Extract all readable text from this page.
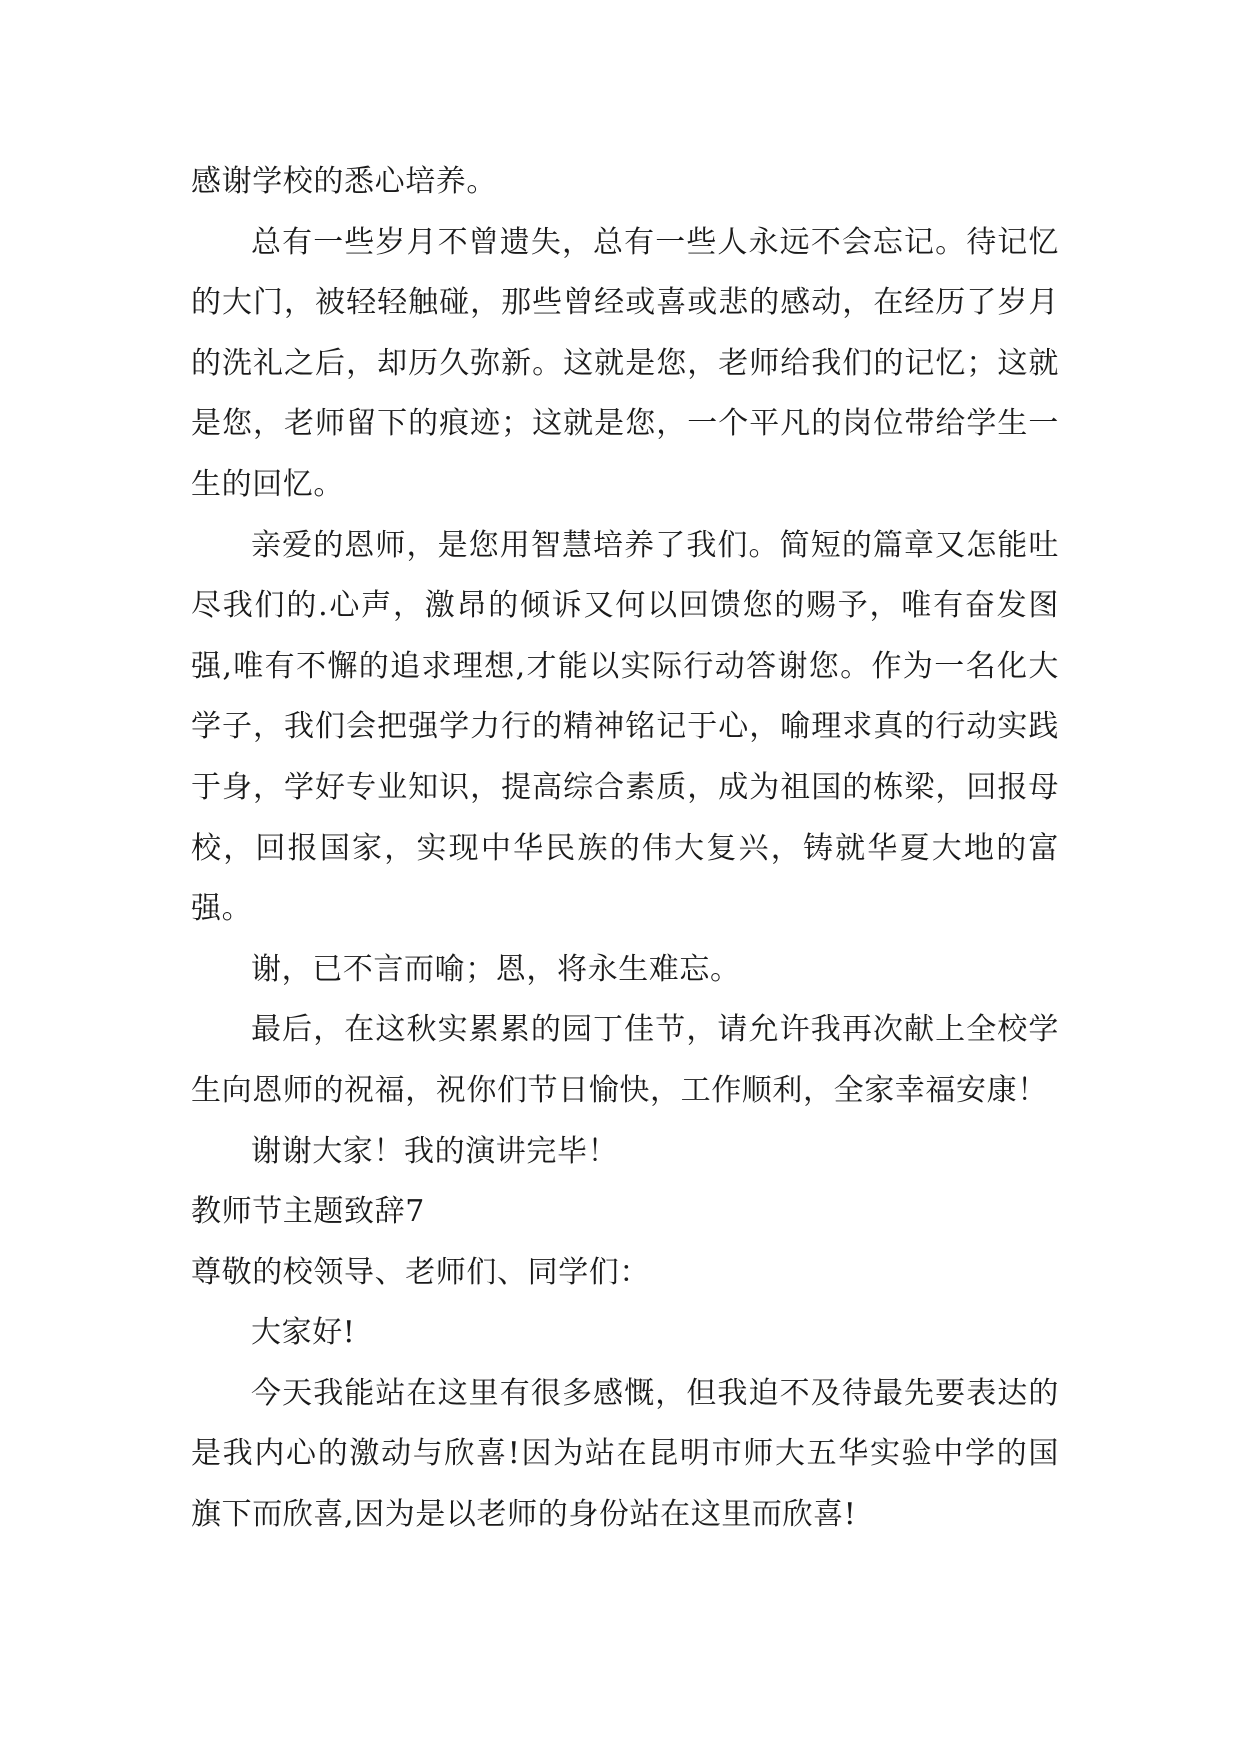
感谢学校的悉心培养。

总有一些岁月不曾遗失，总有一些人永远不会忘记。待记忆的大门，被轻轻触碰，那些曾经或喜或悲的感动，在经历了岁月的洗礼之后，却历久弥新。这就是您，老师给我们的记忆；这就是您，老师留下的痕迹；这就是您，一个平凡的岗位带给学生一生的回忆。

亲爱的恩师，是您用智慧培养了我们。简短的篇章又怎能吐尽我们的.心声，激昂的倾诉又何以回馈您的赐予，唯有奋发图强,唯有不懈的追求理想,才能以实际行动答谢您。作为一名化大学子，我们会把强学力行的精神铭记于心，喻理求真的行动实践于身，学好专业知识，提高综合素质，成为祖国的栋梁，回报母校，回报国家，实现中华民族的伟大复兴，铸就华夏大地的富强。

谢，已不言而喻；恩，将永生难忘。

最后，在这秋实累累的园丁佳节，请允许我再次献上全校学生向恩师的祝福，祝你们节日愉快，工作顺利，全家幸福安康！

谢谢大家！我的演讲完毕！

教师节主题致辞7

尊敬的校领导、老师们、同学们：

大家好!

今天我能站在这里有很多感慨，但我迫不及待最先要表达的是我内心的激动与欣喜!因为站在昆明市师大五华实验中学的国旗下而欣喜,因为是以老师的身份站在这里而欣喜!
